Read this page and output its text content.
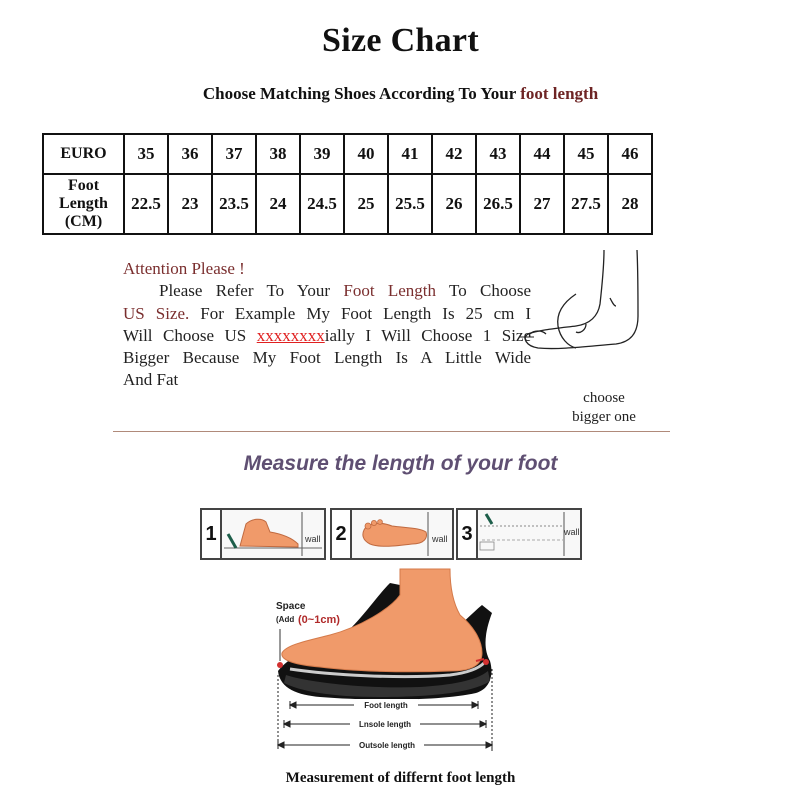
Size Chart
Choose Matching Shoes According To Your foot length
EURO	35	36	37	38	39	40	41	42	43	44	45	46
Foot
Length
(CM)	22.5	23	23.5	24	24.5	25	25.5	26	26.5	27	27.5	28
Attention Please !
Please Refer To Your Foot Length To Choose
US Size. For Example My Foot Length Is 25 cm I
Will Choose US xxxxxxxxially I Will Choose 1 Size
Bigger Because My Foot Length Is A Little Wide
And Fat
choose
bigger one
Measure the length of your foot
1	wall 2	wall 3	wall
Foot length
Lnsole length
Outsole length
Space
(Add (0~1cm)
Measurement of differnt foot length
